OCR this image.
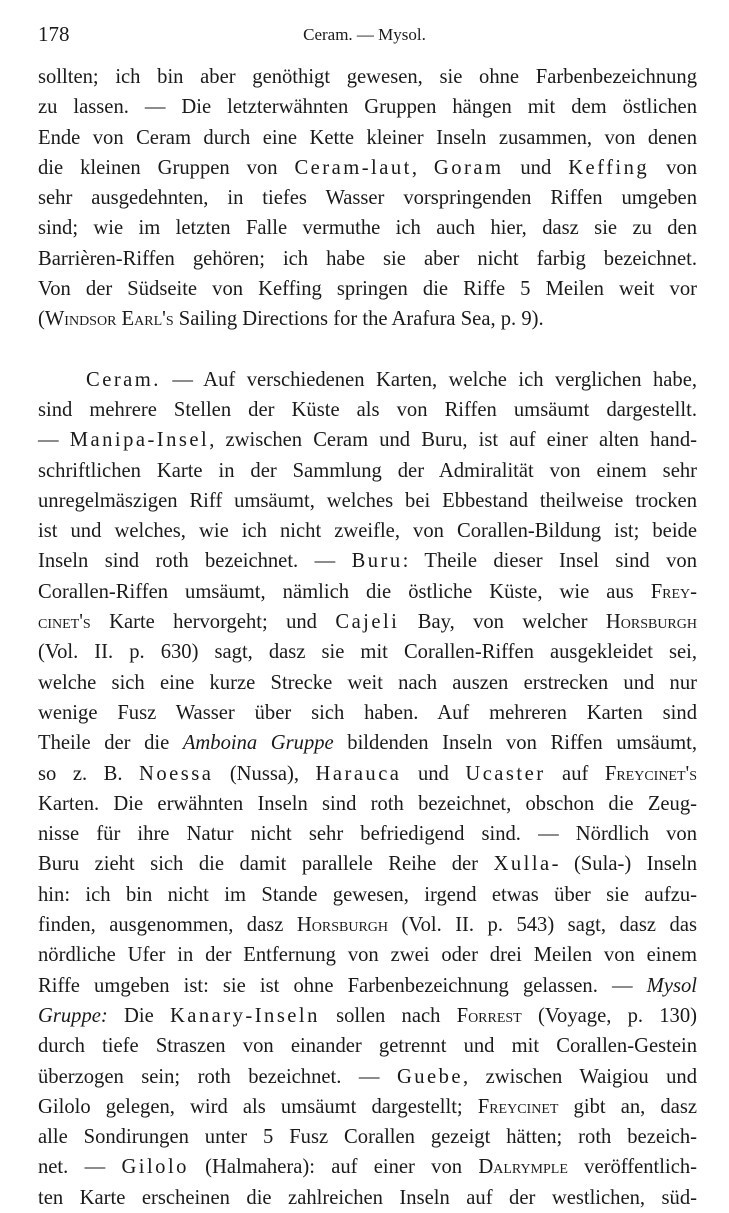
178	Ceram. — Mysol.
sollten; ich bin aber genöthigt gewesen, sie ohne Farbenbezeichnung
zu lassen. — Die letzterwähnten Gruppen hängen mit dem östlichen
Ende von Ceram durch eine Kette kleiner Inseln zusammen, von denen
die kleinen Gruppen von Ceram-laut, Goram und Keffing von
sehr ausgedehnten, in tiefes Wasser vorspringenden Riffen umgeben
sind; wie im letzten Falle vermuthe ich auch hier, dasz sie zu den
Barrièren-Riffen gehören; ich habe sie aber nicht farbig bezeichnet.
Von der Südseite von Keffing springen die Riffe 5 Meilen weit vor
(Windsor Earl's Sailing Directions for the Arafura Sea, p. 9).
Ceram. — Auf verschiedenen Karten, welche ich verglichen habe,
sind mehrere Stellen der Küste als von Riffen umsäumt dargestellt.
— Manipa-Insel, zwischen Ceram und Buru, ist auf einer alten hand-
schriftlichen Karte in der Sammlung der Admiralität von einem sehr
unregelmäszigen Riff umsäumt, welches bei Ebbestand theilweise trocken
ist und welches, wie ich nicht zweifle, von Corallen-Bildung ist; beide
Inseln sind roth bezeichnet. — Buru: Theile dieser Insel sind von
Corallen-Riffen umsäumt, nämlich die östliche Küste, wie aus Frey-
cinet's Karte hervorgeht; und Cajeli Bay, von welcher Horsburgh
(Vol. II. p. 630) sagt, dasz sie mit Corallen-Riffen ausgekleidet sei,
welche sich eine kurze Strecke weit nach auszen erstrecken und nur
wenige Fusz Wasser über sich haben. Auf mehreren Karten sind
Theile der die Amboina Gruppe bildenden Inseln von Riffen umsäumt,
so z. B. Noessa (Nussa), Harauca und Ucaster auf Freycinet's
Karten. Die erwähnten Inseln sind roth bezeichnet, obschon die Zeug-
nisse für ihre Natur nicht sehr befriedigend sind. — Nördlich von
Buru zieht sich die damit parallele Reihe der Xulla- (Sula-) Inseln
hin: ich bin nicht im Stande gewesen, irgend etwas über sie aufzu-
finden, ausgenommen, dasz Horsburgh (Vol. II. p. 543) sagt, dasz das
nördliche Ufer in der Entfernung von zwei oder drei Meilen von einem
Riffe umgeben ist: sie ist ohne Farbenbezeichnung gelassen. — Mysol
Gruppe: Die Kanary-Inseln sollen nach Forrest (Voyage, p. 130)
durch tiefe Straszen von einander getrennt und mit Corallen-Gestein
überzogen sein; roth bezeichnet. — Guebe, zwischen Waigiou und
Gilolo gelegen, wird als umsäumt dargestellt; Freycinet gibt an, dasz
alle Sondirungen unter 5 Fusz Corallen gezeigt hätten; roth bezeich-
net. — Gilolo (Halmahera): auf einer von Dalrymple veröffentlich-
ten Karte erscheinen die zahlreichen Inseln auf der westlichen, süd-
